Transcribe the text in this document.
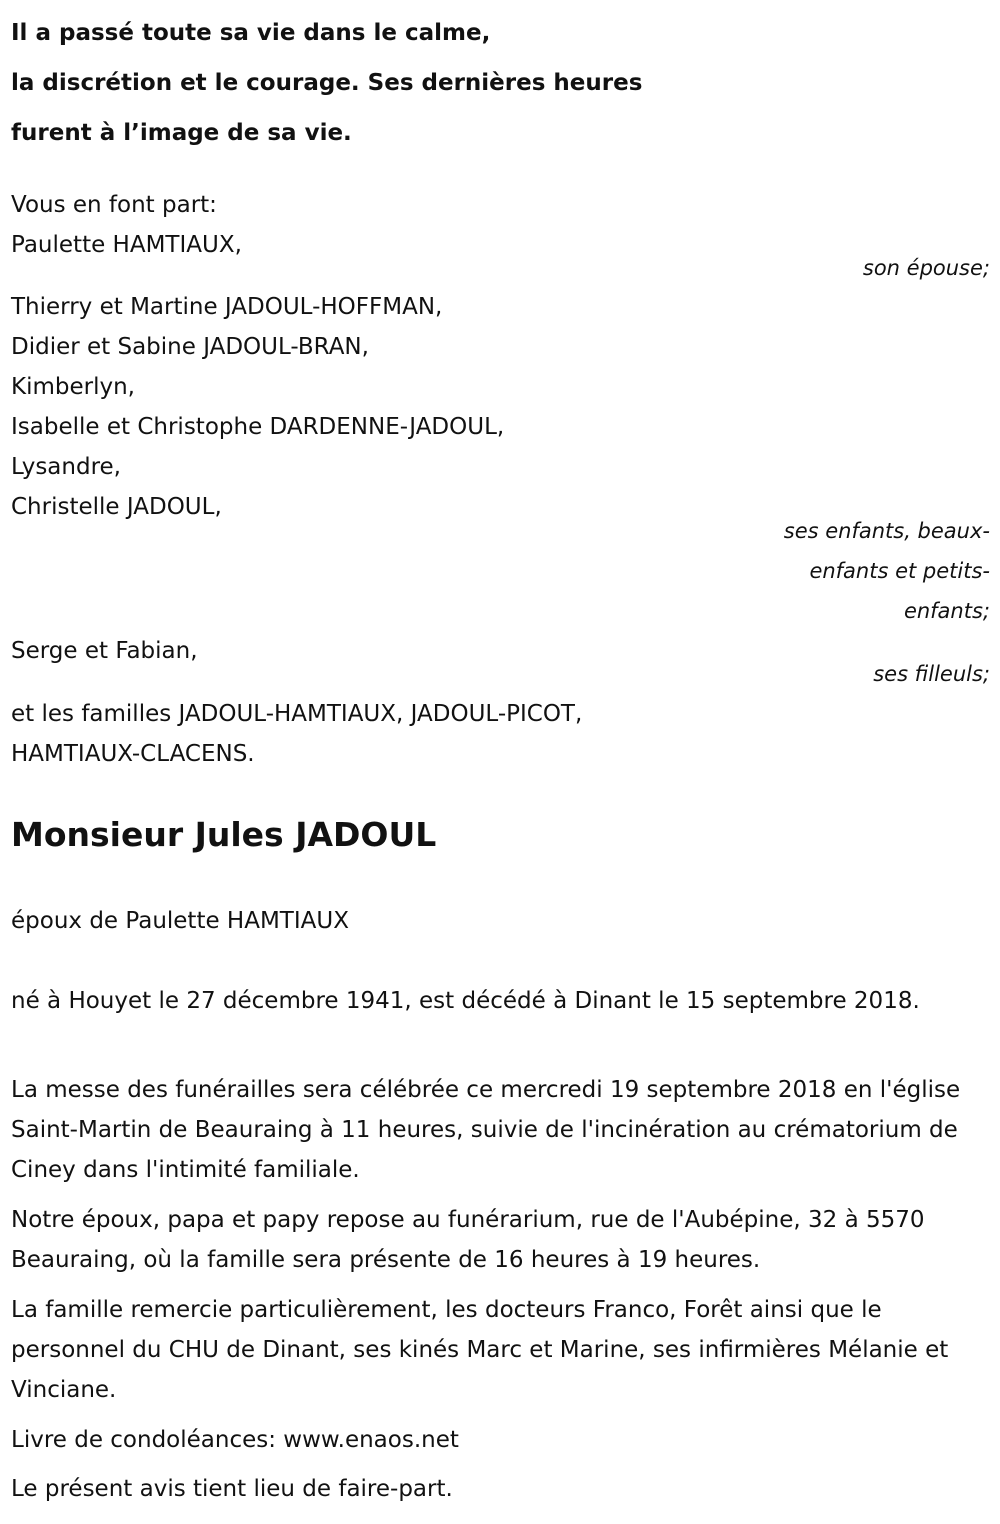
Il a passé toute sa vie dans le calme,
la discrétion et le courage. Ses dernières heures
furent à l’image de sa vie.
Vous en font part:
Paulette HAMTIAUX,
son épouse;
Thierry et Martine JADOUL-HOFFMAN,
Didier et Sabine JADOUL-BRAN,
Kimberlyn,
Isabelle et Christophe DARDENNE-JADOUL,
Lysandre,
Christelle JADOUL,
ses enfants, beaux-
enfants et petits-
enfants;
Serge et Fabian,
ses filleuls;
et les familles JADOUL-HAMTIAUX, JADOUL-PICOT,
HAMTIAUX-CLACENS.
Monsieur Jules JADOUL
époux de Paulette HAMTIAUX
né à Houyet le 27 décembre 1941, est décédé à Dinant le 15 septembre 2018.
La messe des funérailles sera célébrée ce mercredi 19 septembre 2018 en l'église Saint-Martin de Beauraing à 11 heures, suivie de l'incinération au crématorium de Ciney dans l'intimité familiale.
Notre époux, papa et papy repose au funérarium, rue de l'Aubépine, 32 à 5570 Beauraing, où la famille sera présente de 16 heures à 19 heures.
La famille remercie particulièrement, les docteurs Franco, Forêt ainsi que le personnel du CHU de Dinant, ses kinés Marc et Marine, ses infirmières Mélanie et Vinciane.
Livre de condoléances: www.enaos.net
Le présent avis tient lieu de faire-part.
